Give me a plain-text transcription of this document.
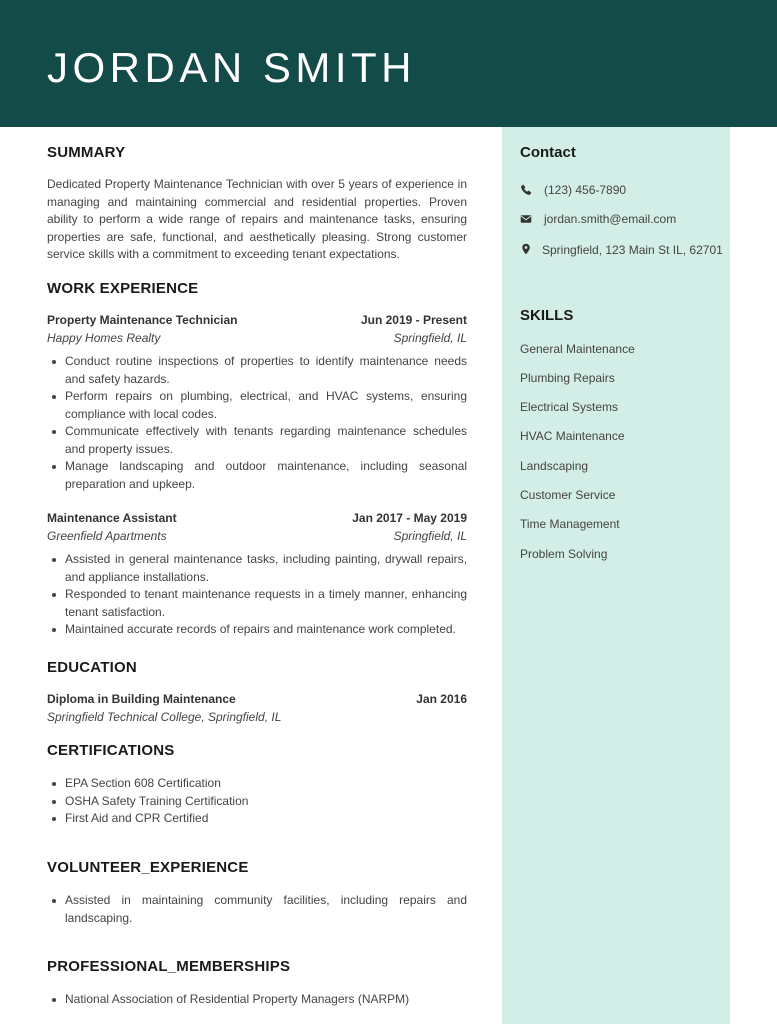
JORDAN SMITH
SUMMARY

Dedicated Property Maintenance Technician with over 5 years of experience in managing and maintaining commercial and residential properties. Proven ability to perform a wide range of repairs and maintenance tasks, ensuring properties are safe, functional, and aesthetically pleasing. Strong customer service skills with a commitment to exceeding tenant expectations.

WORK EXPERIENCE
Property Maintenance Technician	Jun 2019 - Present
Happy Homes Realty	Springfield, IL
Conduct routine inspections of properties to identify maintenance needs and safety hazards.
Perform repairs on plumbing, electrical, and HVAC systems, ensuring compliance with local codes.
Communicate effectively with tenants regarding maintenance schedules and property issues.
Manage landscaping and outdoor maintenance, including seasonal preparation and upkeep.
Maintenance Assistant	Jan 2017 - May 2019
Greenfield Apartments	Springfield, IL
Assisted in general maintenance tasks, including painting, drywall repairs, and appliance installations.
Responded to tenant maintenance requests in a timely manner, enhancing tenant satisfaction.
Maintained accurate records of repairs and maintenance work completed.
EDUCATION
Diploma in Building Maintenance	Jan 2016
Springfield Technical College, Springfield, IL
CERTIFICATIONS
EPA Section 608 Certification
OSHA Safety Training Certification
First Aid and CPR Certified
VOLUNTEER_EXPERIENCE
Assisted in maintaining community facilities, including repairs and landscaping.
PROFESSIONAL_MEMBERSHIPS
National Association of Residential Property Managers (NARPM)
Contact
(123) 456-7890
jordan.smith@email.com
Springfield, 123 Main St IL, 62701
SKILLS
General Maintenance
Plumbing Repairs
Electrical Systems
HVAC Maintenance
Landscaping
Customer Service
Time Management
Problem Solving
